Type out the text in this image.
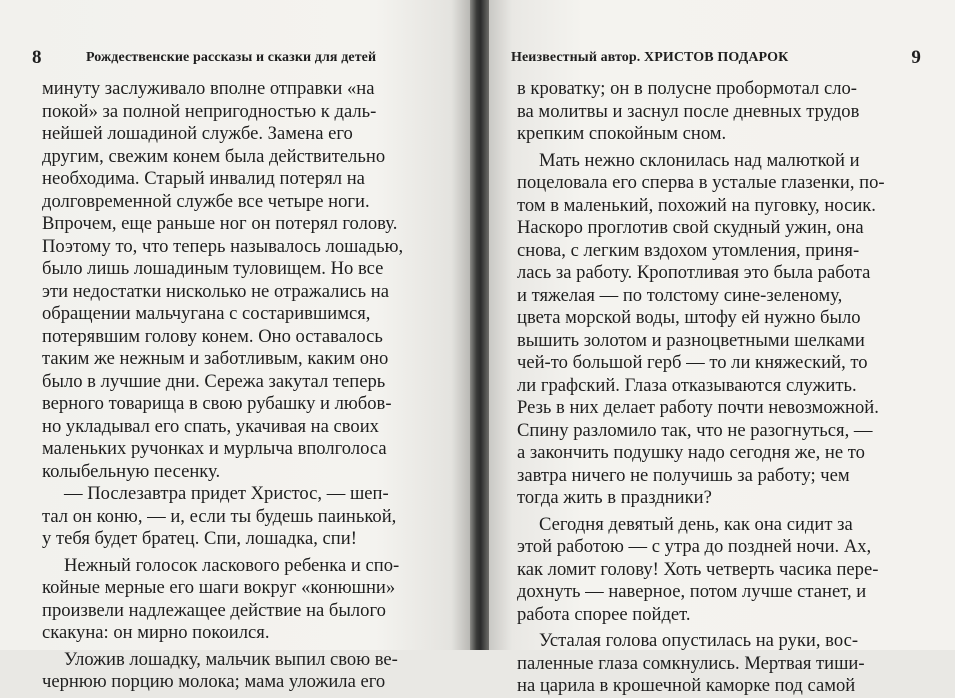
8	Рождественские рассказы и сказки для детей

минуту заслуживало вполне отправки «на
покой» за полной непригодностью к даль-
нейшей лошадиной службе. Замена его
другим, свежим конем была действительно
необходима. Старый инвалид потерял на
долговременной службе все четыре ноги.
Впрочем, еще раньше ног он потерял голову.
Поэтому то, что теперь называлось лошадью,
было лишь лошадиным туловищем. Но все
эти недостатки нисколько не отражались на
обращении мальчугана с состарившимся,
потерявшим голову конем. Оно оставалось
таким же нежным и заботливым, каким оно
было в лучшие дни. Сережа закутал теперь
верного товарища в свою рубашку и любов-
но укладывал его спать, укачивая на своих
маленьких ручонках и мурлыча вполголоса
колыбельную песенку.

— Послезавтра придет Христос, — шеп-
тал он коню, — и, если ты будешь паинькой,
у тебя будет братец. Спи, лошадка, спи!

Нежный голосок ласкового ребенка и спо-
койные мерные его шаги вокруг «конюшни»
произвели надлежащее действие на былого
скакуна: он мирно покоился.

Уложив лошадку, мальчик выпил свою ве-
чернюю порцию молока; мама уложила его

Неизвестный автор. ХРИСТОВ ПОДАРОК	9

в кроватку; он в полусне пробормотал сло-
ва молитвы и заснул после дневных трудов
крепким спокойным сном.

Мать нежно склонилась над малюткой и
поцеловала его сперва в усталые глазенки, по-
том в маленький, похожий на пуговку, носик.
Наскоро проглотив свой скудный ужин, она
снова, с легким вздохом утомления, приня-
лась за работу. Кропотливая это была работа
и тяжелая — по толстому сине-зеленому,
цвета морской воды, штофу ей нужно было
вышить золотом и разноцветными шелками
чей-то большой герб — то ли княжеский, то
ли графский. Глаза отказываются служить.
Резь в них делает работу почти невозможной.
Спину разломило так, что не разогнуться, —
а закончить подушку надо сегодня же, не то
завтра ничего не получишь за работу; чем
тогда жить в праздники?

Сегодня девятый день, как она сидит за
этой работою — с утра до поздней ночи. Ах,
как ломит голову! Хоть четверть часика пере-
дохнуть — наверное, потом лучше станет, и
работа спорее пойдет.

Усталая голова опустилась на руки, вос-
паленные глаза сомкнулись. Мертвая тиши-
на царила в крошечной каморке под самой
